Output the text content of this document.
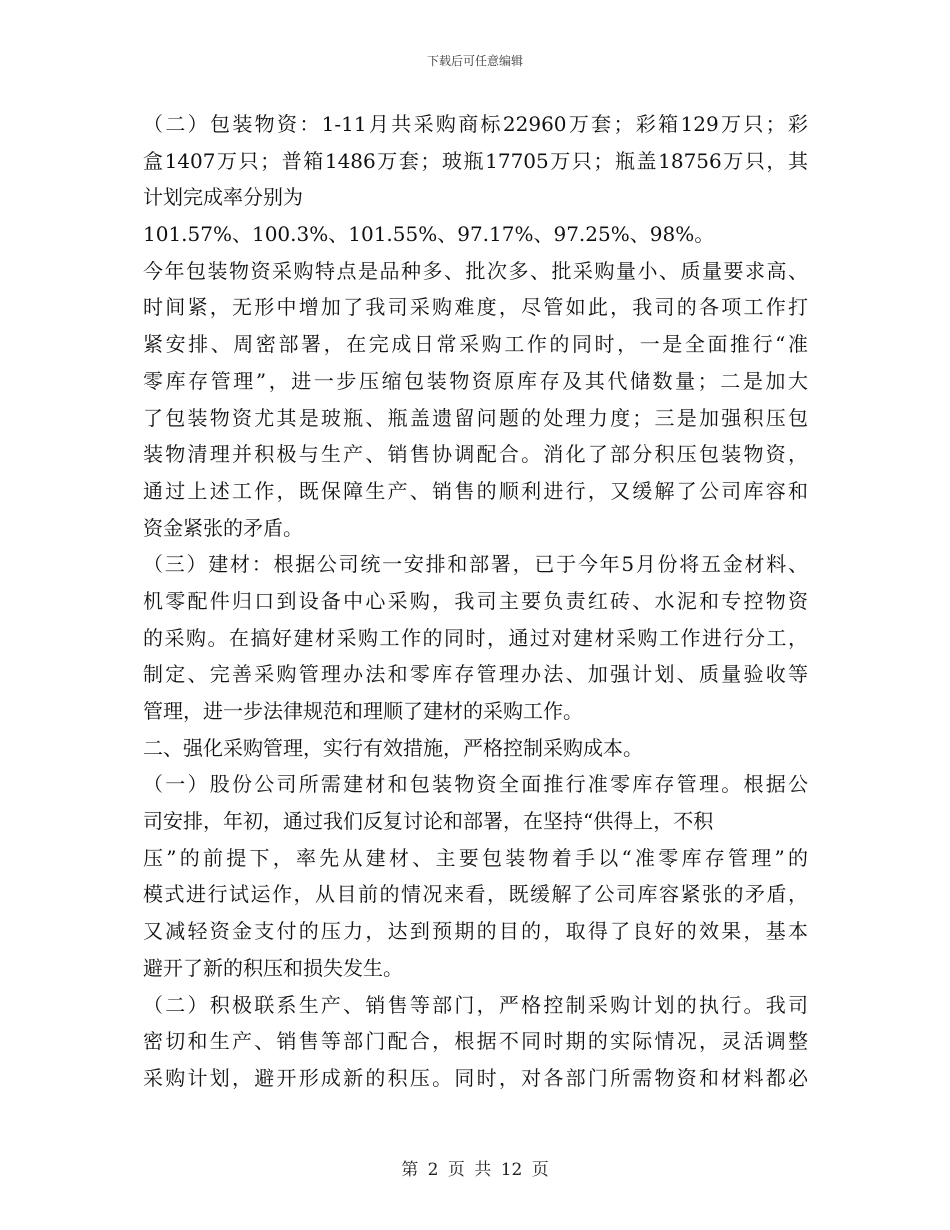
下载后可任意编辑
（二）包装物资：1-11月共采购商标22960万套；彩箱129万只；彩
盒1407万只；普箱1486万套；玻瓶17705万只；瓶盖18756万只，其
计划完成率分别为
101.57%、100.3%、101.55%、97.17%、97.25%、98%。
今年包装物资采购特点是品种多、批次多、批采购量小、质量要求高、
时间紧，无形中增加了我司采购难度，尽管如此，我司的各项工作打
紧安排、周密部署，在完成日常采购工作的同时，一是全面推行“准
零库存管理”，进一步压缩包装物资原库存及其代储数量；二是加大
了包装物资尤其是玻瓶、瓶盖遗留问题的处理力度；三是加强积压包
装物清理并积极与生产、销售协调配合。消化了部分积压包装物资，
通过上述工作，既保障生产、销售的顺利进行，又缓解了公司库容和
资金紧张的矛盾。
（三）建材：根据公司统一安排和部署，已于今年5月份将五金材料、
机零配件归口到设备中心采购，我司主要负责红砖、水泥和专控物资
的采购。在搞好建材采购工作的同时，通过对建材采购工作进行分工，
制定、完善采购管理办法和零库存管理办法、加强计划、质量验收等
管理，进一步法律规范和理顺了建材的采购工作。
二、强化采购管理，实行有效措施，严格控制采购成本。
（一）股份公司所需建材和包装物资全面推行准零库存管理。根据公
司安排，年初，通过我们反复讨论和部署，在坚持“供得上，不积
压”的前提下，率先从建材、主要包装物着手以“准零库存管理”的
模式进行试运作，从目前的情况来看，既缓解了公司库容紧张的矛盾，
又减轻资金支付的压力，达到预期的目的，取得了良好的效果，基本
避开了新的积压和损失发生。
（二）积极联系生产、销售等部门，严格控制采购计划的执行。我司
密切和生产、销售等部门配合，根据不同时期的实际情况，灵活调整
采购计划，避开形成新的积压。同时，对各部门所需物资和材料都必
第 2 页 共 12 页
